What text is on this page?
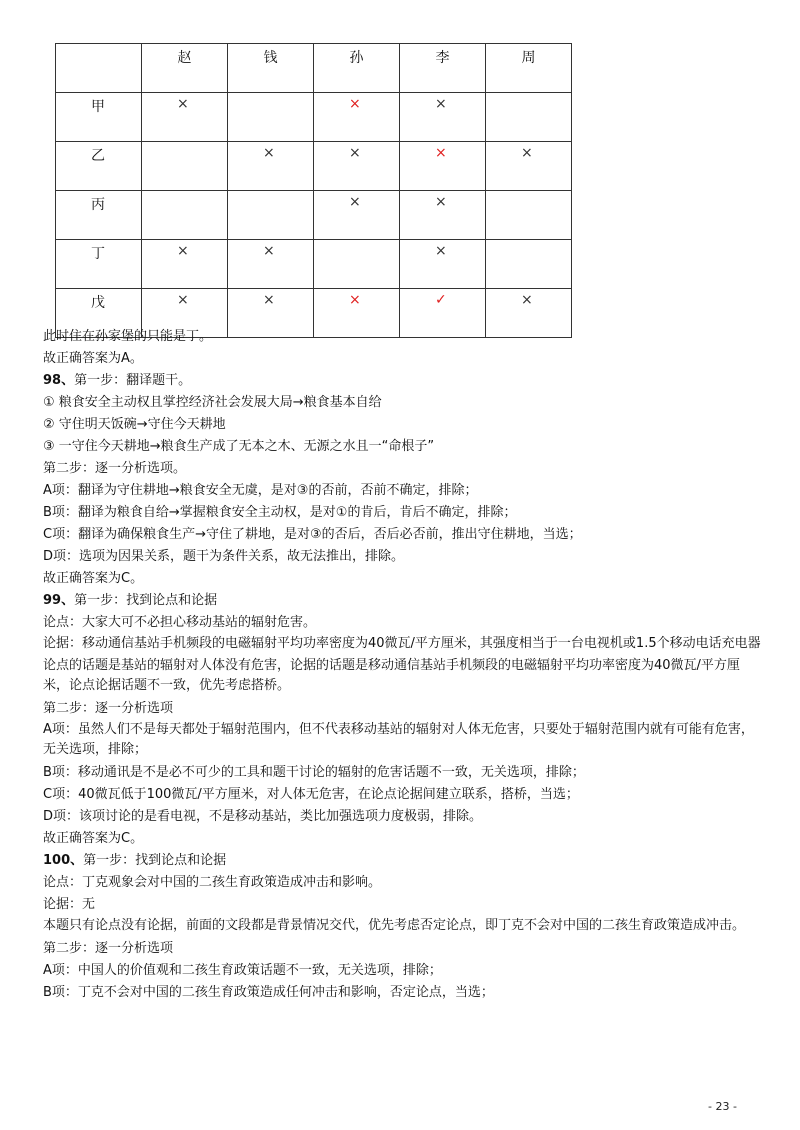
	赵	钱	孙	李	周
甲	×		×	×	
乙		×	×	×	×
丙			×	×	
丁	×	×		×	
戊	×	×	×	✓	×

此时住在孙家堡的只能是丁。

故正确答案为A。

98、第一步：翻译题干。

① 粮食安全主动权且掌控经济社会发展大局→粮食基本自给

② 守住明天饭碗→守住今天耕地

③ 一守住今天耕地→粮食生产成了无本之木、无源之水且一“命根子”

第二步：逐一分析选项。

A项：翻译为守住耕地→粮食安全无虞，是对③的否前，否前不确定，排除；

B项：翻译为粮食自给→掌握粮食安全主动权，是对①的肯后，肯后不确定，排除；

C项：翻译为确保粮食生产→守住了耕地，是对③的否后，否后必否前，推出守住耕地，当选；

D项：选项为因果关系，题干为条件关系，故无法推出，排除。

故正确答案为C。

99、第一步：找到论点和论据

论点：大家大可不必担心移动基站的辐射危害。

论据：移动通信基站手机频段的电磁辐射平均功率密度为40微瓦/平方厘米，其强度相当于一台电视机或1.5个移动电话充电器

论点的话题是基站的辐射对人体没有危害，论据的话题是移动通信基站手机频段的电磁辐射平均功率密度为40微瓦/平方厘米，论点论据话题不一致，优先考虑搭桥。

第二步：逐一分析选项

A项：虽然人们不是每天都处于辐射范围内，但不代表移动基站的辐射对人体无危害，只要处于辐射范围内就有可能有危害，无关选项，排除；

B项：移动通讯是不是必不可少的工具和题干讨论的辐射的危害话题不一致，无关选项，排除；

C项：40微瓦低于100微瓦/平方厘米，对人体无危害，在论点论据间建立联系，搭桥，当选；

D项：该项讨论的是看电视，不是移动基站，类比加强选项力度极弱，排除。

故正确答案为C。

100、第一步：找到论点和论据

论点：丁克观象会对中国的二孩生育政策造成冲击和影响。

论据：无

本题只有论点没有论据，前面的文段都是背景情况交代，优先考虑否定论点，即丁克不会对中国的二孩生育政策造成冲击。

第二步：逐一分析选项

A项：中国人的价值观和二孩生育政策话题不一致，无关选项，排除；

B项：丁克不会对中国的二孩生育政策造成任何冲击和影响，否定论点，当选；

- 23 -
